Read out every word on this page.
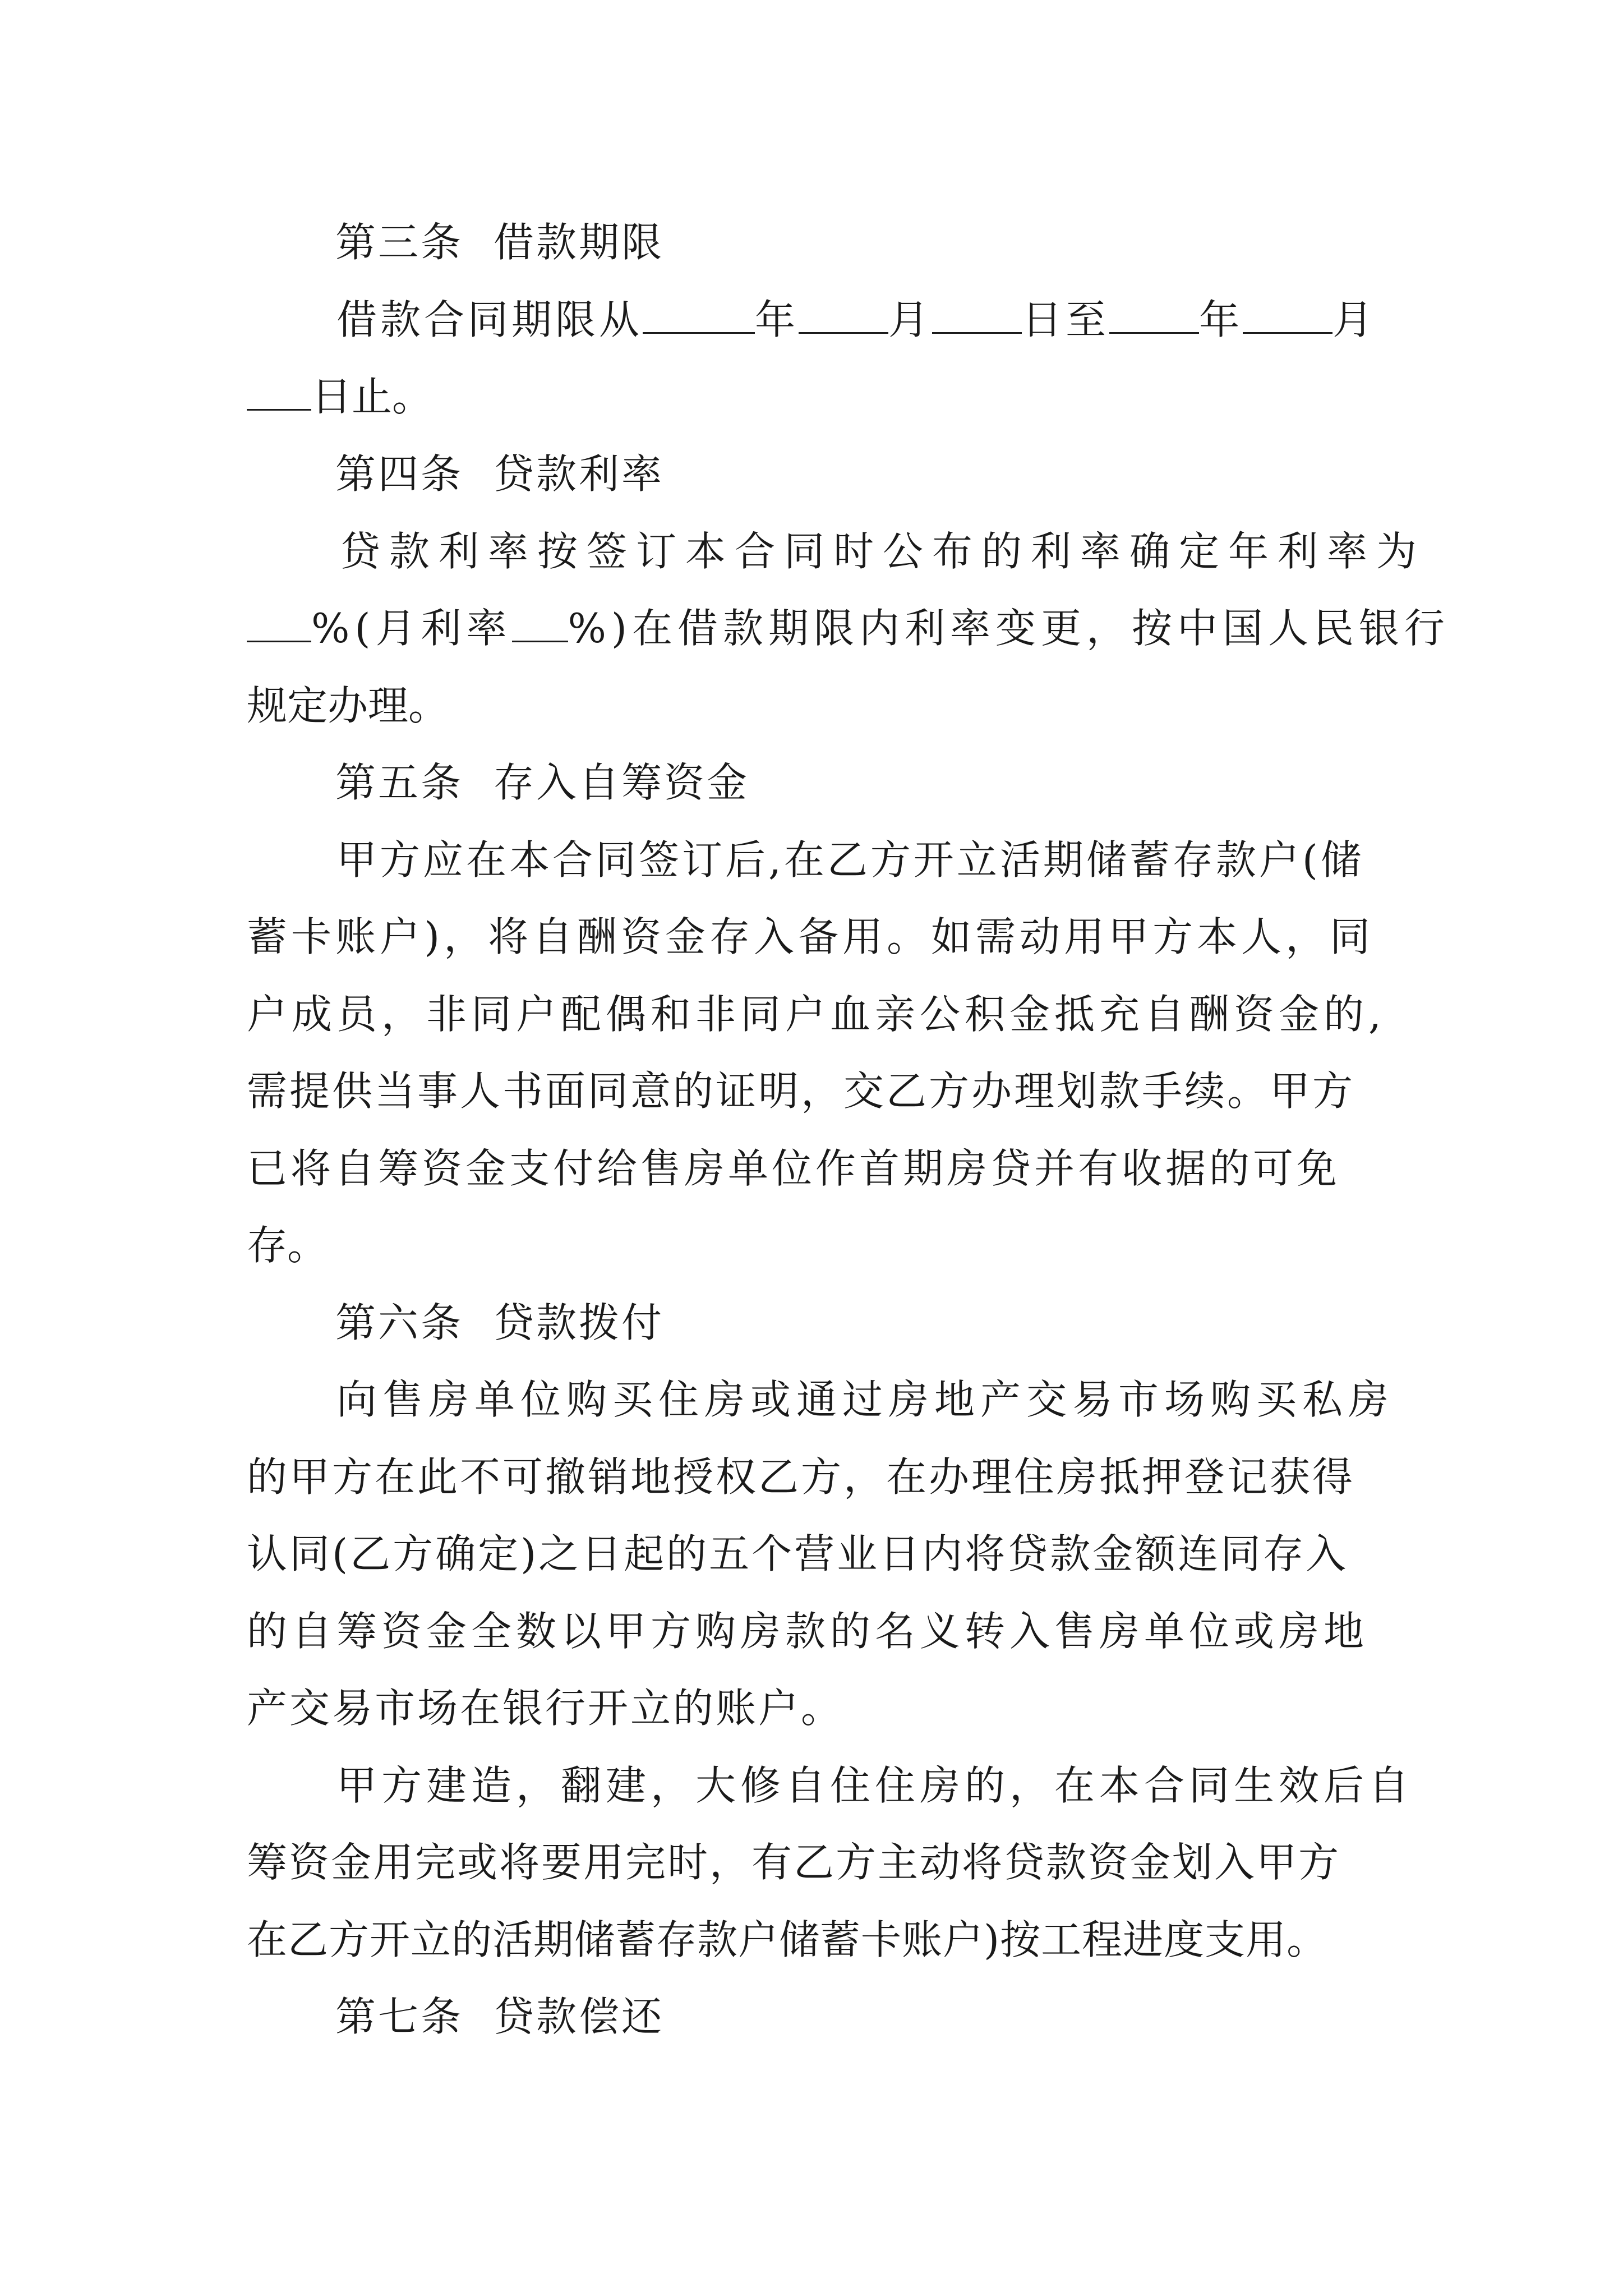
第三条 借款期限
借款合同期限从	年 月 日至 年 月
日止。
第四条 贷款利率
贷款利率按签订本合同时公布的利率确定年利率为
%(月利率 %)在借款期限内利率变更，按中国人民银行
规定办理。
第五条 存入自筹资金
甲方应在本合同签订后,在乙方开立活期储蓄存款户(储
蓄卡账户)，将自酬资金存入备用。如需动用甲方本人，同
户成员，非同户配偶和非同户血亲公积金抵充自酬资金的,
需提供当事人书面同意的证明，交乙方办理划款手续。甲方
已将自筹资金支付给售房单位作首期房贷并有收据的可免
存。
第六条 贷款拨付
向售房单位购买住房或通过房地产交易市场购买私房
的甲方在此不可撤销地授权乙方，在办理住房抵押登记获得
认同(乙方确定)之日起的五个营业日内将贷款金额连同存入
的自筹资金全数以甲方购房款的名义转入售房单位或房地
产交易市场在银行开立的账户。
甲方建造，翻建，大修自住住房的，在本合同生效后自
筹资金用完或将要用完时，有乙方主动将贷款资金划入甲方
在乙方开立的活期储蓄存款户储蓄卡账户)按工程进度支用。
第七条 贷款偿还
